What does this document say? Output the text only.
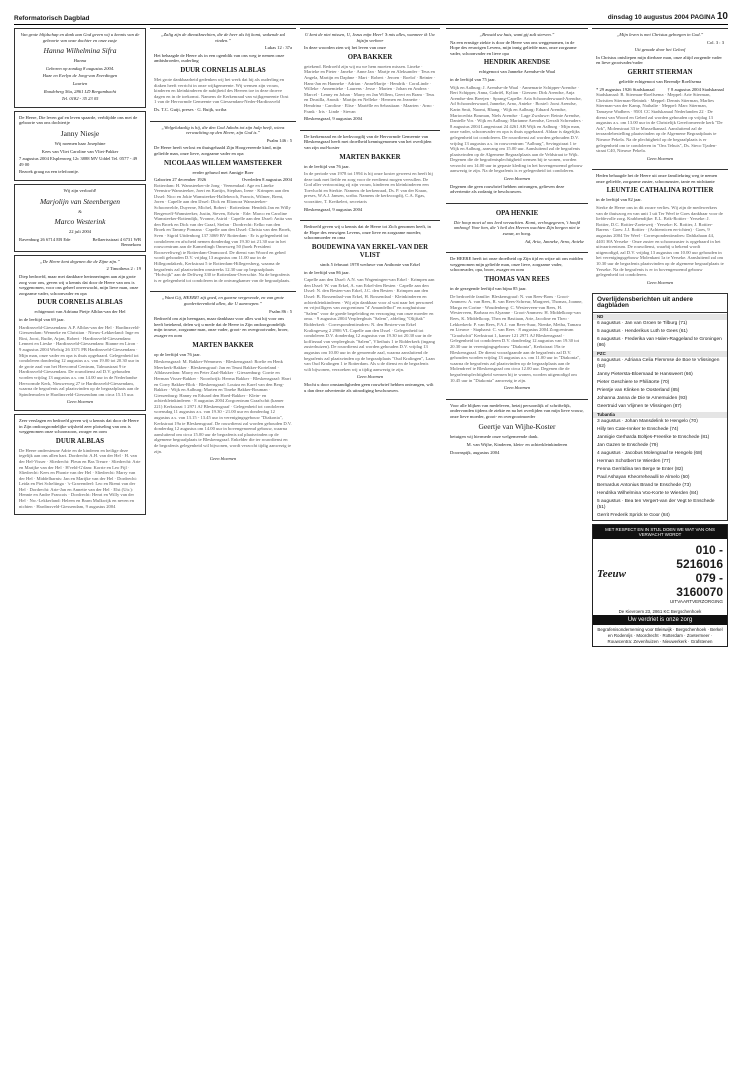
Reformatorisch Dagblad	dinsdag 10 augustus 2004 PAGINA 10

Van grote blijdschap en dank aan God geven wij u kennis van de geboorte van onze dochter en onze zusje

Hanna Wilhelmina Sifra

Hanna

Geboren op zondag 8 augustus 2004.

Haze en Evelyn de Jong-van Everdingen

Laurien

Rondeberg 56a, 2861 LD Bergambacht

Tel. 0182 - 35 23 05

De Heere, Die leven gaf en leven spaarde, verblijdde ons met de geboorte van ons dochtertje

Janny Niesje

Wij noemen haar Josephine

Kees van Vliet Caroline van Vliet-Pakker

7 augustus 2004 Elsplenweg 12c 3888 MV Uddel Tel. 0577 - 49 49 00

Bezoek graag na een telefoontje.

Wij zijn verloofd!

Marjolijn van Steenbergen
&
Marco Westerink

22 juli 2004

Ravenburg 26 6714 EB Ede	Bellaertsstraat 4 6731 WB Bennekom

„De Heere kent degenen die de Zijne zijn.”

2 Timotheus 2 : 19

Diep bedroefd, maar met dankbare herinneringen aan zijn grote zorg voor ons, geven wij u kennis dat door de Heere van ons is weggenomen, voor ons geheel onverwacht, mijn lieve man, onze zorgzame vader, schoonvader en opa

DUUR CORNELIS ALBLAS

echtgenoot van Adriana Pietje Alblas-van der Hel

in de leeftijd van 69 jaar.

Hardinxveld-Giessendam: A.P. Alblas-van der Hel · Hardinxveld-Giessendam: Wenneke en Christian · Nieuw-Lekkerland: Inge en Rini, Joost, Rudie, Arjan, Robert · Hardinxveld-Giessendam: Lennert en Lieske · Hardinxveld-Giessendam: Rianne en Liron · 9 augustus 2004 Wielsig 26 3371 PB Hardinxveld-Giessendam · Mijn man, onze vader en opa is thuis opgebaard. Gelegenheid tot condoleren donderdag 12 augustus a.s. van 19.00 tot 20.30 uur in de grote zaal van het Hervormd Centrum, Talmastraat 9 te Hardinxveld-Giessendam. De rouwdienst zal D.V. gehouden worden vrijdag 13 augustus a.s. om 14.00 uur in de Nederlandse Hervormde Kerk, Nieuweweg 27 te Hardinxveld-Giessendam, waarna de begrafenis zal plaatsvinden op de begraafplaats aan de Spindermolen te Hardinxveld-Giessendam om circa 15.15 uur.

Geen bloemen

Zeer verslagen en bedroefd geven wij u kennis dat door de Heere in Zijn ondoorgrondelijke wijsheid zeer plotseling van ons is weggenomen onze schoonzoon, zwager en oom

DUUR ALBLAS

De Heere ondersteune Adrie en de kinderen en heilige deze tegelijk aan ons allen hart. Dordrecht: A.H. van der Hel · H. van der Hel-Visser · Sliedrecht: Pleun en Bas Treure · Sliedrecht: Arie en Marijke van der Hel · H'veld-G'dam: Korrie en Leo Fijl · Sliedrecht: Kees en Phonie van der Hel · Sliedrecht: Marry van der Hel · Middelharnis: Jan en Marijke van der Hel · Dordrecht: Leida en Piet Scheltinga · 's-Gravendeel: Leo en Riemi van der Hel · Dordrecht: Arie-Jan en Annette van der Hel · Elst (Utr.): Hennie en Andre Francois · Dordrecht: Henri en Willy van der Hel · Nw.-Lekkerland: Heleen en Bram Mulkwijk en neven en nichten · Hardinxveld-Giessendam, 9 augustus 2004

„Zalig zijn de dienstknechten, die de heer als hij komt, wakende zal vinden.”

Lukas 12 : 37a

Het behaagde de Heere als in een ogenblik van ons weg te nemen onze ambtsbroeder, ouderling

DUUR CORNELIS ALBLAS

Met grote dankbaarheid gedenken wij het werk dat hij als ouderling en diaken heeft verricht in onze wijkgemeente. Wij wensen zijn vrouw, kinderen en kleinkinderen de nabijheid des Heeren toe in deze droeve dagen en in de toekomst. Namens de Kerkenraad van wijkgemeente Oost 1 van de Hervormde Gemeente van Giessendam-Neder-Hardinxveld

Ds. T.C. Guijt, preses · G. Buijk, scriba

„Welgelukzalig is hij, die den God Jakobs tot zijn hulp heeft, wiens verwachting op den Heere, zijn God is.”

Psalm 146 : 5

De Heere heeft verlost en thuisgehaald Zijn Hoogvereerde kind, mijn geliefde man, onze lieve, zorgzame vader en opa

NICOLAAS WILLEM WAMSTEEKER

eerder gehuwd met Annigje Boer

Gaborien 27 december 1926	Overleden 8 augustus 2004

Rotterdam: H. Wamsteeker-de Jong · Veenendaal: Age en Lineke Veenstra-Wamsteeker, Joeri en Kartijn, Stephan, Irene · Krimpen aan den IJssel: Nico en Jokie Wamsteeker-Hallebeoch, Francis, Wilmer, Brent, Joren · Capelle aan den IJssel: Dick en Elionora Wamsteeker-Schoonvelde, Duyerne, Michel, Robert · Rotterdam: Hendrik Jan en Willy Bergeweff-Wamsteeker, Justin, Steven, Edwin · Ede: Marco en Caroline Wamsteeker-Rottendijk, Yvonne, Astrid · Capelle aan den IJssel: Anita van den Broek en Dick van der Graaf, Stefan · Dordrecht: Eelko van den Broek en Tammy Pomana · Capelle aan den IJssel: Christa van den Broek, Sven · Sigrid Uitdenborg 137 3069 BV Rotterdam · Er is gelegenheid tot condoleren en afscheid nemen donderdag van 19.30 tot 21.30 uur in het rouwcentrum aan de Kamerlingh Onnesweg 50 (hoek President Rooseveltweg) te Rotterdam-Ommoord. De dienst van Woord en gebed wordt gehouden D.V. vrijdag 13 augustus om 11.00 uur in de Hillegondakerk, Kerkstraat 5 te Rotterdam-Hillegersberg, waarna de begrafenis zal plaatsvinden omstreeks 12.30 uur op begraafplaats "Hofwijk" aan de Delfweg 330 te Rotterdam-Overschie. Na de begrafenis is er gelegenheid tot condoleren in de ontvangkamer van de begraafplaats.

„Want Gij, HEERE! zijt goed, en gaarne vergevende, en van grote goedertierenheid allen, die U aanroepen.”

Psalm 86 : 5

Bedroefd om zijn heengaan, maar dankbaar voor alles wat hij voor ons heeft betekend, delen wij u mede dat de Heere in Zijn ondoorgrondelijk mijn trouwe, zorgzame man, onze vader, groot- en overgrootvader, broer, zwager en oom

MARTEN BAKKER

op de leeftijd van 76 jaar.

Bleskensgraaf: M. Bakker-Wemmers · Bleskensgraaf: Roelie en Henk Meerkerk-Bakker · Bleskensgraaf: Jan en Teuni Bakker-Korteland · Alblasserdam: Marry en Peter Zaal-Bakker · Giessenburg: Corrie en Herman Visser-Bakker · Noordwijk: Herma Bakker · Bleskensgraaf: Harri en Corry Bakker-Blok · Bleskensgraaf: Louiza en Karel van den Berg-Bakker · Wijk en Aalburg: Marten en Tineke Bakker-Bouman · Giessenburg: Hanny en Eduard den Hoed-Bakker · Klein- en achterkleinkinderen · 8 augustus 2004 Zorgcentrum Graafschit (kamer 221) Kerkstraat 1 2971 AJ Bleskensgraaf · Gelegenheid tot condoleren woensdag 11 augustus a.s. van 19.30 - 21.00 uur en donderdag 12 augustus a.s. van 13.15 - 13.45 uur in verenigingsgebouw "Diakonia", Kerkstraat 19a te Bleskensgraaf. De rouwdienst zal worden gehouden D.V. donderdag 12 augustus om 14.00 uur in bovengenoemd gebouw, waarna aansluitend om circa 15.00 uur de begrafenis zal plaatsvinden op de algemene begraafplaats te Bleskensgraaf. Enkelder die ter rouwdienst en de begrafenis gelegenheid wil bijwonen, wordt verzocht tijdig aanwezig te zijn.

Geen bloemen

U kent de niet missen, U, Jezus mijn Heer! 'k mis alles, wanneer ik Uw bijzijn verbeer

In deze woorden zien wij het leven van onze

OPA BAKKER

getekend. Bedroefd zijn wij nu we hem moeten missen. Lineke · Marieke en Pieter · Janeke · Anne Jan · Martje en Aleksander · Teus en Angela, Martijn en Daphne · Mart · Robert · Jeroen · Roelof · Reinier · Hans-Jan en Hanneke · Adrian · AnneMarije · Hendrik · CoraLinde · Willeke · Annemieke · Laurens · Jesse · Marten · Johan en Andrea · Marcel · Lenny en Johan · Marry en Jan Willem, Geert en Bram · Teus en Drusilla, Anouk · Martijn en Nelleke · Hermen en Jeanette · Hendrina · Caroline · Elise · Mariëlle en Sebastiaan · Maarten · Arno · Frank · Iris · Linde · Stevan

Bleskensgraaf, 9 augustus 2004

De kerkenraad en de kerkvoogdij van de Hervormde Gemeente van Bleskensgraaf heeft met droefheid kennisgenomen van het overlijden van zijn oud-koster

MARTEN BAKKER

in de leeftijd van 76 jaar.

In de periode van 1978 tot 1994 is hij onze koster geweest en heeft hij deze taak met liefde en zorg voor de eredienst mogen vervullen. De God aller vertroosting zij zijn vrouw, kinderen en kleinkinderen een Toevlucht en Sterkte. Namens de kerkenraad, Ds. P. van der Kraan, preses, W.A.J. Jansen, scriba. Namens de kerkvoogdij, C.A. Egas, voorzitter, T. Kreikelert, secretaris

Bleskensgraaf, 9 augustus 2004

Bedroefd geven wij u kennis dat de Heere tot Zich genomen heeft, in de Hope des eeuwigen Levens, onze lieve en zorgzame moeder, schoonmoeder en oma

BOUDEWINA VAN ERKEL-VAN DER VLIST

sinds 5 februari 1978 weduwe van Anthonie van Erkel

in de leeftijd van 86 jaar.

Capelle aan den IJssel: A.N. van Wageningen-van Erkel · Krimpen aan den IJssel: W. van Erkel, A. van Erkel-den Besten · Capelle aan den IJssel: N. den Besten-van Erkel, J.C. den Besten · Krimpen aan den IJssel: B. Rossendaal-van Erkel, H. Rossendaal · Kleinkinderen en achterkleinkinderen · Wij zijn dankbaar voor al wat naar het personeel en vrijwilligers van zorgcentrum "d' Amandelhof" en zorghuistuur "Salem" voor de goede begeleiding en verzorging van onze moeder en oma. · 9 augustus 2004 Verpleeghuis "Salem", afdeling "Olijftak" Ridderkerk · Correspondentieadres: N. den Besten-van Erkel Kralingeweg 2 2906 VL Capelle aan den IJssel · Gelegenheid tot condoleren D.V. donderdag 12 augustus van 19.30 tot 20.30 uur in de koffiezaal van verpleeghuis "Salem", Vliethuis 1 te Ridderkerk (ingang zusterhuizen). De rouwdienst zal worden gehouden D.V. vrijdag 13 augustus om 10.00 uur in de genoemde zaal, waarna aansluitend de begrafenis zal plaatsvinden op de begraafplaats "Oud Kralingen", Laan van Oud Kralingen 1 te Rotterdam. Als u de dienst en de begrafenis wilt bijwonen, verzoeken wij u tijdig aanwezig te zijn.

Geen bloemen

Mocht u door omstandigheden geen rouwbrief hebben ontvangen, wilt u dan deze advertentie als uitnodiging beschouwen.

„Bewaid uw huis, want gij zult sterven.”

Na een ernstige ziekte is door de Heere van ons weggenomen, in de Hope des eeuwigen Levens, mijn innig geliefde man, onze zorgzame vader, schoonvader en lieve opa

HENDRIK ARENDSE

echtgenoot van Janneke Arendse-de Waal

in de leeftijd van 75 jaar.

Wijk en Aalburg: J. Arendse-de Waal · Annemarie Schipper-Arendse · Bert Schipper, Anna, Gabriël, Kylian · Giessen: Dirk Arendse, Anja Arendse-den Breejen · Sprang-Capelle: Aria Schoonderwaard-Arendse, Ad Schoonderwaard, Janneke, Arno, Anieke · Boxtel: Joost Arendse, Karin Smit, Naomi, Rhang · Wijk en Aalburg: Eduard Arendse, Mariocedria Bouman, Niels Arendse · Lage Zwaluwe: Reinie Arendse, Danielle Vos · Wijk en Aalburg: Marianne Arendse, Gerralt Schreuders · 8 augustus 2004 Langestraat 24 4261 AB Wijk en Aalburg · Mijn man, onze vader, schoonvader en opa is thuis opgebaard. Aldaar is dagelijks gelegenheid tot condoleren. De rouwdienst zal worden gehouden D.V. vrijdag 13 augustus a.s. in rouwcentrum "Aalburg", Sevingstraat 1 te Wijk en Aalburg, aanvang om 15.00 uur. Aansluitend zal de begrafenis plaatsvinden op de Algemene Begraafplaats aan de Veldstraat te Wijk. Degenen die de begrafenisplechtigheid wensen bij te wonen, worden verzocht om 14.00 uur in gepaste kleding in het bovengenoemd gebouw aanwezig te zijn. Na de begrafenis is er gelegenheid tot condoleren.

Geen bloemen

Degenen die geen rouwbrief hebben ontvangen, gelieven deze advertentie als zodanig te beschouwen.

OPA HENKIE

Die hoop moet al ons leed verzachten. Komt, verlosgegeven, 't hoofd omhoog! Voor hen, die 't heil des Heeren wachten Zijn bergen niet te zwaar, zo hoog.

Ad, Aria, Janneke, Arno, Anieke

De HEERE heeft tot onze droefheid op Zijn tijd en wijze uit ons midden weggenomen mijn geliefde man, onze lieve, zorgzame vader, schoonvader, opa, broer, zwager en oom

THOMAS VAN REES

in de gezegende leeftijd van bijna 85 jaar.

De bedroefde familie: Bleskensgraaf: N. van Rees-Bons · Groot-Ammers: A. van Rees, R. van Rees-Schreur, Margreet, Thomas, Joanne, Marga en Corine · Woudenberg: C. Westerveen-van Rees, H. Westerveen, Barbara en Alyanne · Groot-Ammers: H. Middelkoop-van Rees, K. Middelkoop, Thea en Bastiaan, Arie, Jacoline en Theo · Lekkerkerk: P. van Rees, P.A.J. van Rees-Suur, Nienke, Metha, Tamara en Lieuwe · Stapharst: C. van Rees · 8 augustus 2004 Zorgcentrum "Graafschit" Kerkstraat 1, kamer 121 2971 AJ Bleskensgraaf · Gelegenheid tot condoleren D.V. donderdag 12 augustus van 19.30 tot 20.30 uur in verenigingsgebouw "Diakonia", Kerkstraat 19a te Bleskensgraaf. De dienst voorafgaande aan de begrafenis zal D.V. gehouden worden vrijdag 13 augustus a.s. om 11.00 uur in "Diakonia", waarna de begrafenis zal plaatsvinden op de begraafplaats aan de Molendreef te Bleskensgraaf om circa 12.00 uur. Degenen die de begrafenisplechtigheid wensen bij te wonen, worden uitgenodigd om 10.45 uur in "Diakonia" aanwezig te zijn.

Geen bloemen

Voor alle blijken van medeleven, hetzij persoonlijk of schriftelijk, ondervonden tijdens de ziekte en na het overlijden van mijn lieve vrouw, onze lieve moeder, groot- en overgrootmoeder

Geertje van Wijhe-Koster

betuigen wij hiermede onze welgemeende dank.

M. van Wijhe, Kinderen, klein- en achterkleinkinderen

Doornspijk, augustus 2004

„Mijn leven is met Christus geborgen in God.”

Col. 3 : 3

Uit genade door het Geloof

In Christus ontsliepen mijn dierbare man, onze altijd zorgende vader en lieve grootvader/vader

GERRIT STIERMAN

geliefde echtgenoot van Berendje Roelfsema

* 29 augustus 1926 Stadskanaal	† 8 augustus 2004 Stadskanaal

Stadskanaal: B. Stierman-Roelfsema · Meppel: Arie Stierman, Christien Stierman-Reinink · Meppel: Dennis Stierman, Marlies Stierman-van der Kamp, Nathalie · Meppel: Marc Stierman, Tamayne Wadbers · 9501 CC Stadskanaal Nederlanden 22 · De dienst van Woord en Gebed zal worden gehouden op vrijdag 13 augustus a.s. om 13.00 uur in de Christelijk Gereformeerde kerk "De Ark", Molenstraat 33 te Musselkanaal. Aansluitend zal de terraardebestelling plaatsvinden op de Algemene Begraafplaats te Nieuwe Pekela. Na de plechtigheid op de begraafplaats is er gelegenheid om te condoleren in "Ons Tehuis", Ds. Steco Tjaden-straat C40, Nieuwe Pekela.

Geen bloemen

Heden behaagde het de Heere uit onze familiekring weg te nemen onze geliefde, zorgzame zuster, schoonzuster, tante en nichttante

LEUNTJE CATHALINA ROTTIER

in de leeftijd van 82 jaar.

Sterke de Heere ons in dit zware verlies. Wij zijn de medewerkers van de thuiszorg en van unit 1 uit Ter Weel te Goes dankbaar voor de liefdevolle zorg. Krabbendijke: E.L. Brik-Rottier · Yerseke: J. Rottier, D.C. Rottier-Zoeteweij · Yerseke: K. Rottier, J. Rottier-Barens · Goes: J.J. Rottier · (Achternicen en-ichten) · Goes, 9 augustus 2004 Ter Weel · Correspondentieadres: Dahliahaan 44, 4401 HA Yerseke · Onze zuster en schoonzuster is opgebaard in het uitvaartcentrum. De rouwdienst, waarbij u bekend wordt uitgenodigd, zal D.V. vrijdag 13 augustus om 10.00 uur gehouden in het verenigingsgebouw Molenkant 1a te Yerseke. Aansluitend zal om 10.30 uur de begrafenis plaatsvinden op de algemene begraafplaats te Yerseke. Na de begrafenis is er in bovengenoemd gebouw gelegenheid tot condoleren.

Geen bloemen

Overlijdensberichten uit andere dagbladen
ND
6 augustus · Jan van Groen te Tilburg (71)
5 augustus · Henderikus Luth te Gees (61)
6 augustus · Frederika van Halen-Raggeland te Groningen (86)
PZC
6 augustus · Adriana Celia Flemmse de Boe te Vlissingen (62)
Janny Pietersta-Bloemaad te Hansweert (66)
Pieter Geschiere te Philiäorte (70)
Prientje van Klinken te Oosterland (85)
Johanna Janna de Die te Arnemuiden (93)
Geertruid van Vlijmen te Vlissingen (87)
Tubantia
3 augustus · Johan Mansdelink te Hengelo (70)
Hilly ten Cate-Innker te Enschede (74)
Jannigie Gerharda Boltjes-Freerike te Enschede (81)
Jan Gazen te Enschede (79)
4 augustus · Jacobus Molengraaf te Hengelo (68)
Herman Schotbert te Wierden (77)
Fenna Gerritdina ten Berge te Enter (82)
Paul Ashayan Kheorreheaulli te Almelo (50)
Bernardus Antonius Brand te Enschede (73)
Hendrika Wilhelmina Voo-Korte te Wierden (84)
5 augustus · Bea ten Vergert-van der Vegt te Enschede (51)
Gerrit Frederik Sprick te Goor (84)
MET RESPECT EN IN STIJL DOEN WE WAT VAN ONS VERWACHT WORDT
Teeuw
010 - 5216016
079 - 3160070
UITVAARTVERZORGING
De Kievroem 23, 2861 KC Bergschenhoek
Uw verdriet is onze zorg
Begrafenisonderneming voor Bleiswijk · Bergschenhoek · Berkel en Rodenrijs · Moordrecht · Rotterdam · Zoetermeer · Rouwcentra: Zevenhuizen · Nieuwerkerk · Grafstenen
